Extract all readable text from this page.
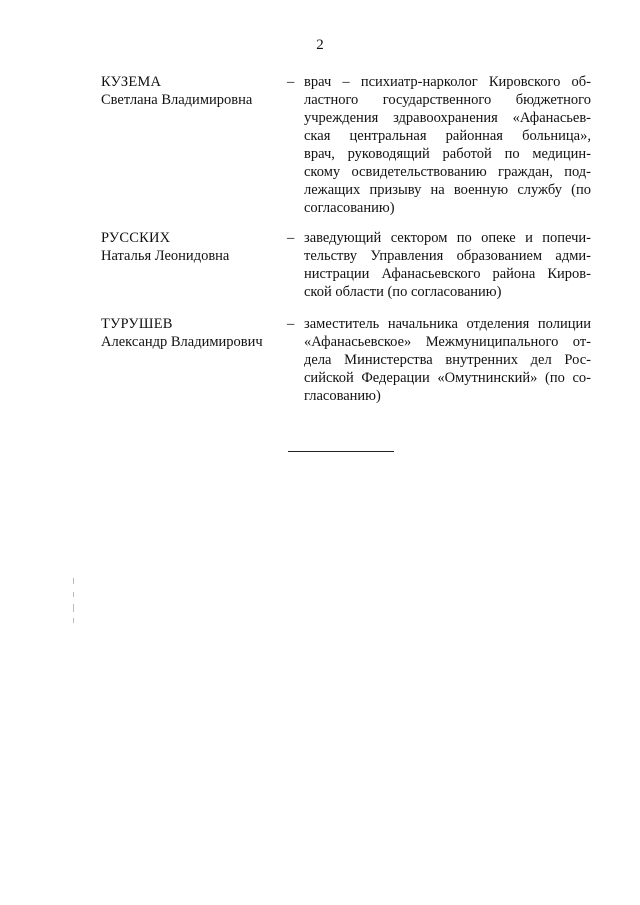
2
КУЗЕМА
Светлана Владимировна
– врач – психиатр-нарколог Кировского об-
ластного государственного бюджетного
учреждения здравоохранения «Афанасьев-
ская центральная районная больница»,
врач, руководящий работой по медицин-
скому освидетельствованию граждан, под-
лежащих призыву на военную службу (по
согласованию)
РУССКИХ
Наталья Леонидовна
– заведующий сектором по опеке и попечи-
тельству Управления образованием адми-
нистрации Афанасьевского района Киров-
ской области (по согласованию)
ТУРУШЕВ
Александр Владимирович
– заместитель начальника отделения полиции
«Афанасьевское» Межмуниципального от-
дела Министерства внутренних дел Рос-
сийской Федерации «Омутнинский» (по со-
гласованию)
